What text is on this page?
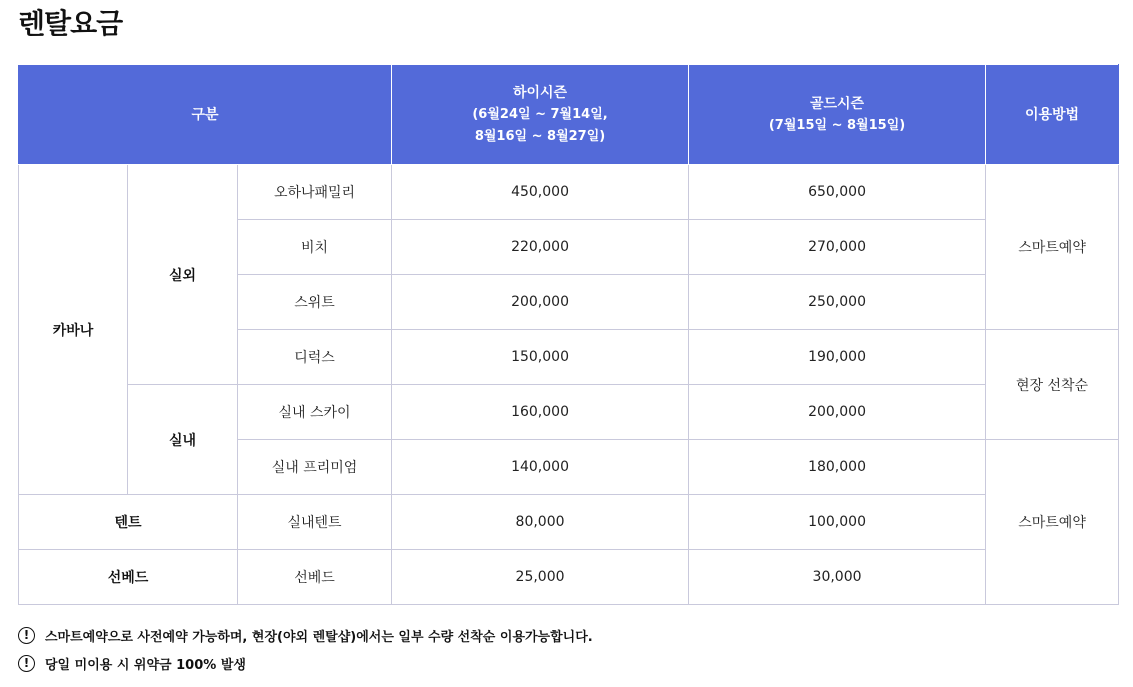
렌탈요금
구분			하이시즌
(6월24일 ~ 7월14일,
8월16일 ~ 8월27일)	골드시즌
(7월15일 ~ 8월15일)	이용방법
카바나	실외	오하나패밀리	450,000	650,000	스마트예약
		비치	220,000	270,000	
		스위트	200,000	250,000	
		디럭스	150,000	190,000	현장 선착순
	실내	실내 스카이	160,000	200,000	
		실내 프리미엄	140,000	180,000	스마트예약
텐트		실내텐트	80,000	100,000	
선베드		선베드	25,000	30,000	
!	스마트예약으로 사전예약 가능하며, 현장(야외 렌탈샵)에서는 일부 수량 선착순 이용가능합니다.
!	당일 미이용 시 위약금 100% 발생
